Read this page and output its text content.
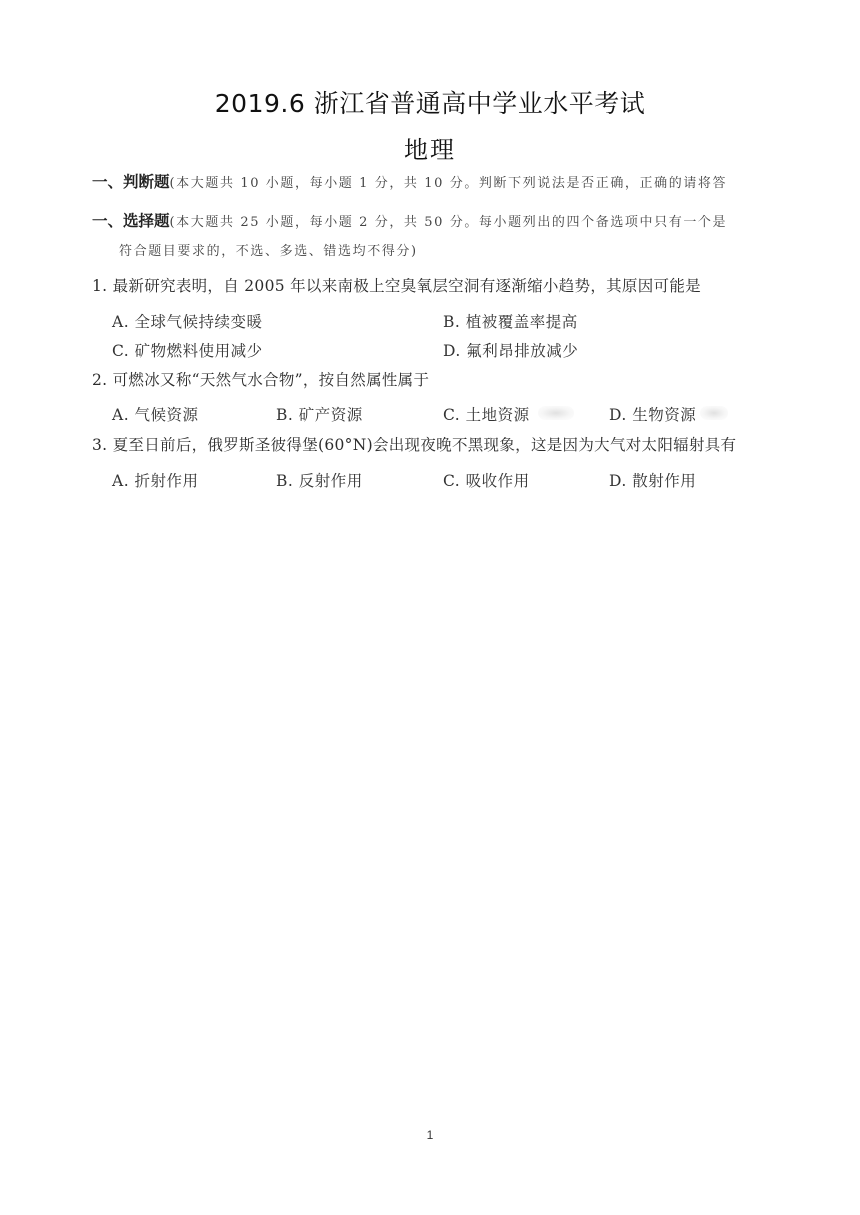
2019.6 浙江省普通高中学业水平考试
地理
一、判断题(本大题共 10 小题，每小题 1 分，共 10 分。判断下列说法是否正确，正确的请将答
一、选择题(本大题共 25 小题，每小题 2 分，共 50 分。每小题列出的四个备选项中只有一个是
符合题目要求的，不选、多选、错选均不得分)
1. 最新研究表明，自 2005 年以来南极上空臭氧层空洞有逐渐缩小趋势，其原因可能是
A. 全球气候持续变暖	B. 植被覆盖率提高
C. 矿物燃料使用减少	D. 氟利昂排放减少
2. 可燃冰又称“天然气水合物”，按自然属性属于
A. 气候资源	B. 矿产资源	C. 土地资源	D. 生物资源
3. 夏至日前后，俄罗斯圣彼得堡(60°N)会出现夜晚不黑现象，这是因为大气对太阳辐射具有
A. 折射作用	B. 反射作用	C. 吸收作用	D. 散射作用
1
